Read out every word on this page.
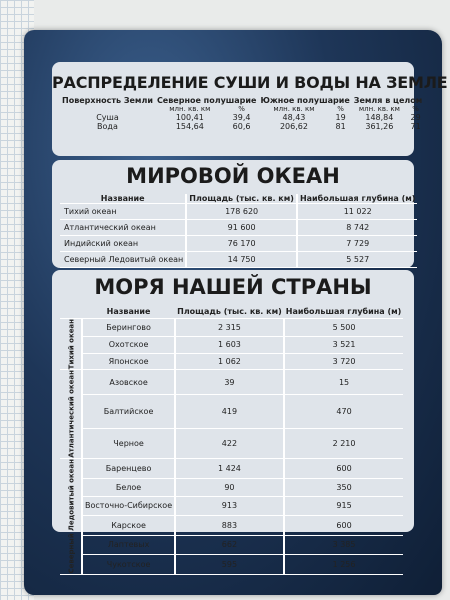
РАСПРЕДЕЛЕНИЕ СУШИ И ВОДЫ НА ЗЕМЛЕ
Поверхность Земли	Северное полушарие		Южное полушарие		Земля в целом	
	млн. кв. км	%	млн. кв. км	%	млн. кв. км	%
Суша	100,41	39,4	48,43	19	148,84	29
Вода	154,64	60,6	206,62	81	361,26	71
МИРОВОЙ ОКЕАН
Название	Площадь (тыс. кв. км)	Наибольшая глубина (м)
Тихий океан	178 620	11 022
Атлантический океан	91 600	8 742
Индийский океан	76 170	7 729
Северный Ледовитый океан	14 750	5 527
МОРЯ НАШЕЙ СТРАНЫ
	Название	Площадь (тыс. кв. км)	Наибольшая глубина (м)
Тихий океан	Берингово	2 315	5 500
	Охотское	1 603	3 521
	Японское	1 062	3 720
Атлантический океан	Азовское	39	15
	Балтийское	419	470
	Черное	422	2 210
Северный Ледовитый океан	Баренцево	1 424	600
	Белое	90	350
	Восточно-Сибирское	913	915
	Карское	883	600
	Лаптевых	662	3 385
	Чукотское	595	1 256
